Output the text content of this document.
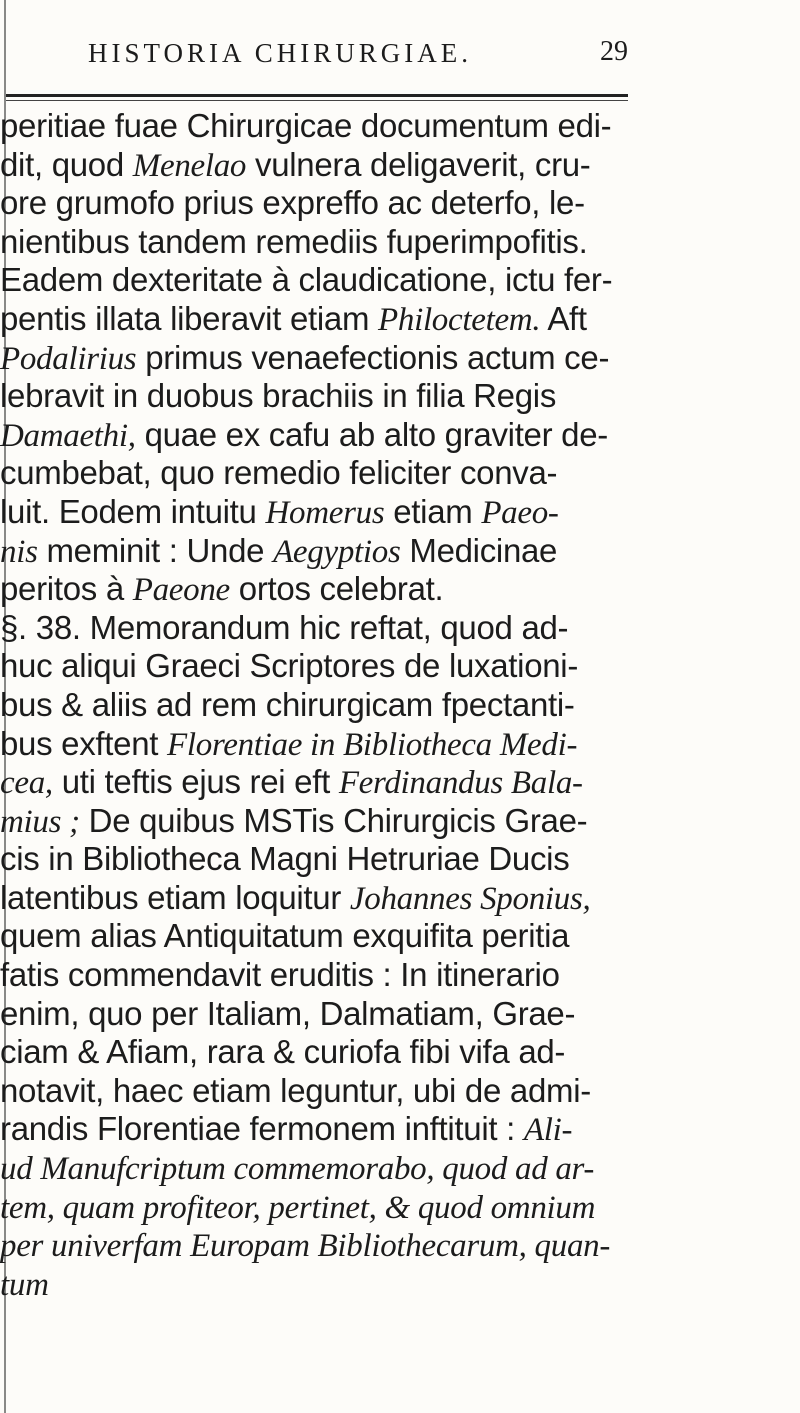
HISTORIA CHIRURGIAE.	29
peritiae fuae Chirurgicae documentum edi-
dit, quod Menelao vulnera deligaverit, cru-
ore grumofo prius expreffo ac deterfo, le-
nientibus tandem remediis fuperimpofitis.
Eadem dexteritate à claudicatione, ictu fer-
pentis illata liberavit etiam Philoctetem. Aft
Podalirius primus venaefectionis actum ce-
lebravit in duobus brachiis in filia Regis
Damaethi, quae ex cafu ab alto graviter de-
cumbebat, quo remedio feliciter conva-
luit. Eodem intuitu Homerus etiam Paeo-
nis meminit : Unde Aegyptios Medicinae
peritos à Paeone ortos celebrat.
§. 38. Memorandum hic reftat, quod ad-
huc aliqui Graeci Scriptores de luxationi-
bus & aliis ad rem chirurgicam fpectanti-
bus exftent Florentiae in Bibliotheca Medi-
cea, uti teftis ejus rei eft Ferdinandus Bala-
mius ; De quibus MSTis Chirurgicis Grae-
cis in Bibliotheca Magni Hetruriae Ducis
latentibus etiam loquitur Johannes Sponius,
quem alias Antiquitatum exquifita peritia
fatis commendavit eruditis : In itinerario
enim, quo per Italiam, Dalmatiam, Grae-
ciam & Afiam, rara & curiofa fibi vifa ad-
notavit, haec etiam leguntur, ubi de admi-
randis Florentiae fermonem inftituit : Ali-
ud Manufcriptum commemorabo, quod ad ar-
tem, quam profiteor, pertinet, & quod omnium
per univerfam Europam Bibliothecarum, quan-
tum
